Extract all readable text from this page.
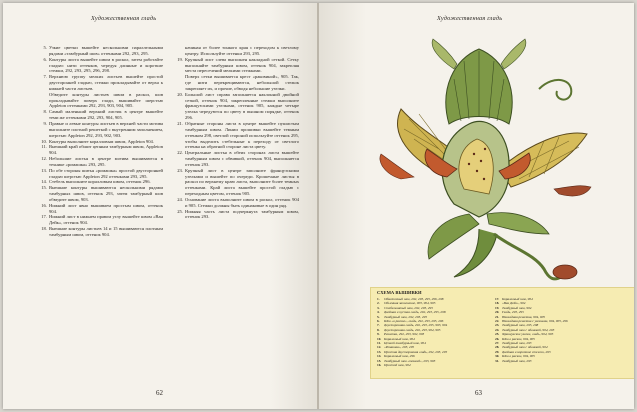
Художественная гладь
5. Узкие цветки вышейте несколькими параллельными рядами «тамбурный шов» оттенками 292, 293, 295.
6. Контуры листа вышейте швом в раскол, затем работайте гладью: нити оттенков, чередуя длинные и короткие стежки, 292, 293, 295, 296, 298.
7. Верхнюю группу мелких листьев вышейте простой двусторонней гладью, стежки прокладывайте от верха к нижней части листьев.
Обведите контуры листьев швом в раскол, шов прокладывайте поверх глади, вышивайте шерстью Appleton оттенками 292, 293, 903, 904, 905.
8. Самый маленький верхний листик в центре вышейте теми же оттенками 292, 293, 904, 905.
9. Правые и левые контуры листьев в верхней части мотива выполните плотной решеткой с внутренним заполнением, шерстью Appleton 292, 293, 902, 903.
10. Контуры выполните коралловым швом, Appleton 904.
11. Внешний край обшит цепным тамбурным швом, Appleton 904.
12. Небольшие листья в центре мотива вышиваются в технике «ромашка» 293, 295.
13. По обе стороны шитья «ромашка» простой двусторонней гладью шерстью Appleton 292 оттенками 293, 295.
14. Стебель выполните коралловым швом, оттенок 296.
15. Внешние контуры вышиваются несколькими рядами тамбурных швов, оттенок 293, затем тамбурный шов обведите швом, 903.
16. Нижний лист явно вышиваем простым швом, оттенок 904.
17. Нижний лист в нижнем правом углу вышейте швом «Ван Дейк», оттенок 904.
18. Внешние контуры листьев 14 и 15 вышиваются плотным тамбурным швом, оттенок 904.
начиная от более тонкого края с переходом к светлому центру. Используйте оттенки 293, 295.
19. Крупный лист слева выполнен накладной сеткой. Сетку выполняйте тамбурным швом, оттенок 904, закрепляя места пересечений мелкими стежками.
Поверх сетки вышивается крест «раковиной», 905. Так, где нити перекрещиваются, небольшой стежок закрепляет их, и прочие, обводя небольшие узелки.
20. Большой лист справа заполняется наклонной двойной сеткой, оттенок 904, закрепленные стежки выполните французскими узелками, оттенок 905, каждые четыре узелка чередуются по цвету в пышном порядке, оттенок 296.
21. Обратные стороны листа в центре вышейте пушистым тамбурным швом. Линии прошивки вышейте темным оттенком 298, светлой стороной используйте оттенок 295, чтобы выделить стебельные к переходу от светлого оттенка на обратной стороне листа цвету.
22. Центральные листья в обеих сторонах листа вышейте тамбурным швом с обвивкой, оттенок 904, выполняется оттенок 293.
23. Крупный лист в центре заполните французскими узелками и вышейте по очереди. Крошечные листья в раскол по верхнему краю листа, выполните более темных оттенками. Край листа вышейте простой гладью с переходным цветом, оттенок 905.
24. Основание листа выполните швом в раскол, оттенок 904 и 905. Стежки должны быть одинаковые в один ряд.
25. Нижняя часть листа подчеркнута тамбурным швом, оттенок 293.
62
Художественная гладь
СХЕМА ВЫШИВКИ
1.	Обметочный шов, 292, 293, 295, 296, 298
2.	Объемная заполнение, 903, 904, 905
3.	Стебельчатый шов, 292, 293, 295
4.	Двойная и пустая гладь, 292, 293, 295, 298
5.	Тамбурный шов, 292, 293, 295
6.	Шов «в раскол», гладь, 292, 293, 295, 296
7.	Двусторонняя гладь, 292, 293, 295, 903, 904
8.	Двусторонняя гладь, 292, 293, 904, 905
9.	Решетка, 292, 293, 902, 903
10. Коралловый шов, 904
11. Цепной тамбурный шов, 904
12. «Ромашка», 293, 295
13. Простая двусторонняя гладь, 292, 293, 295
14. Коралловый шов, 296
15. Тамбурный шов «тонкий», 293, 903
16. Простой шов, 904
17. Коралловый шов, 904
18. «Ван Дейк», 904
19. Тамбурный шов, 904
20. Гладь, 293, 295
21. Накладная решетка, 904, 905
22. Накладная решетка с узелками, 904, 905, 296
23. Тамбурный шов, 295, 298
24. Тамбурный шов с обвивкой, 904, 293
25. Французские узелки, гладь, 904, 905
26. Шов в раскол, 904, 905
27. Тамбурный шов, 293
28. Тамбурный шов с обвивкой, 904
29. Двойная и короткие стежки, 293
30. Шов в раскол, 904, 905
31. Тамбурный шов, 293
63
